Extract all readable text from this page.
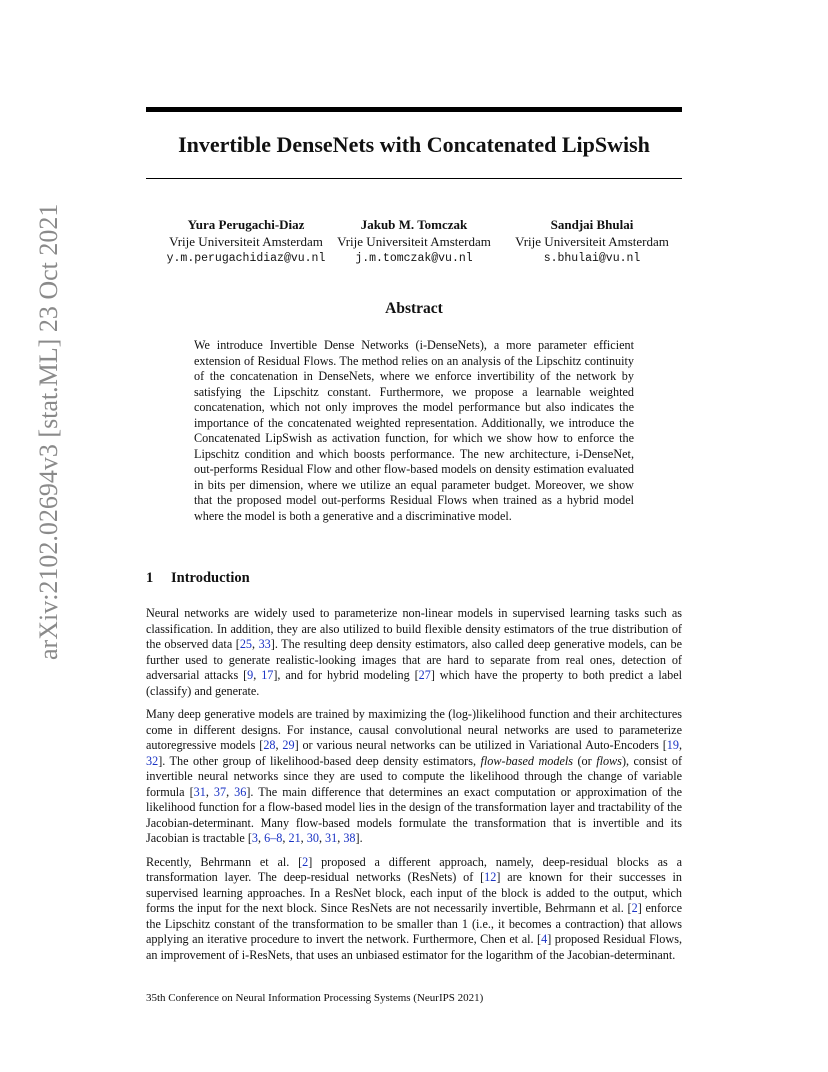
arXiv:2102.02694v3 [stat.ML] 23 Oct 2021
Invertible DenseNets with Concatenated LipSwish
Yura Perugachi-Diaz
Vrije Universiteit Amsterdam
y.m.perugachidiaz@vu.nl
Jakub M. Tomczak
Vrije Universiteit Amsterdam
j.m.tomczak@vu.nl
Sandjai Bhulai
Vrije Universiteit Amsterdam
s.bhulai@vu.nl
Abstract

We introduce Invertible Dense Networks (i-DenseNets), a more parameter efficient extension of Residual Flows. The method relies on an analysis of the Lipschitz continuity of the concatenation in DenseNets, where we enforce invertibility of the network by satisfying the Lipschitz constant. Furthermore, we propose a learnable weighted concatenation, which not only improves the model performance but also indicates the importance of the concatenated weighted representation. Additionally, we introduce the Concatenated LipSwish as activation function, for which we show how to enforce the Lipschitz condition and which boosts performance. The new architecture, i-DenseNet, out-performs Residual Flow and other flow-based models on density estimation evaluated in bits per dimension, where we utilize an equal parameter budget. Moreover, we show that the proposed model out-performs Residual Flows when trained as a hybrid model where the model is both a generative and a discriminative model.

1 Introduction

Neural networks are widely used to parameterize non-linear models in supervised learning tasks such as classification. In addition, they are also utilized to build flexible density estimators of the true distribution of the observed data [25, 33]. The resulting deep density estimators, also called deep generative models, can be further used to generate realistic-looking images that are hard to separate from real ones, detection of adversarial attacks [9, 17], and for hybrid modeling [27] which have the property to both predict a label (classify) and generate.

Many deep generative models are trained by maximizing the (log-)likelihood function and their architectures come in different designs. For instance, causal convolutional neural networks are used to parameterize autoregressive models [28, 29] or various neural networks can be utilized in Variational Auto-Encoders [19, 32]. The other group of likelihood-based deep density estimators, flow-based models (or flows), consist of invertible neural networks since they are used to compute the likelihood through the change of variable formula [31, 37, 36]. The main difference that determines an exact computation or approximation of the likelihood function for a flow-based model lies in the design of the transformation layer and tractability of the Jacobian-determinant. Many flow-based models formulate the transformation that is invertible and its Jacobian is tractable [3, 6–8, 21, 30, 31, 38].

Recently, Behrmann et al. [2] proposed a different approach, namely, deep-residual blocks as a transformation layer. The deep-residual networks (ResNets) of [12] are known for their successes in supervised learning approaches. In a ResNet block, each input of the block is added to the output, which forms the input for the next block. Since ResNets are not necessarily invertible, Behrmann et al. [2] enforce the Lipschitz constant of the transformation to be smaller than 1 (i.e., it becomes a contraction) that allows applying an iterative procedure to invert the network. Furthermore, Chen et al. [4] proposed Residual Flows, an improvement of i-ResNets, that uses an unbiased estimator for the logarithm of the Jacobian-determinant.

35th Conference on Neural Information Processing Systems (NeurIPS 2021)
